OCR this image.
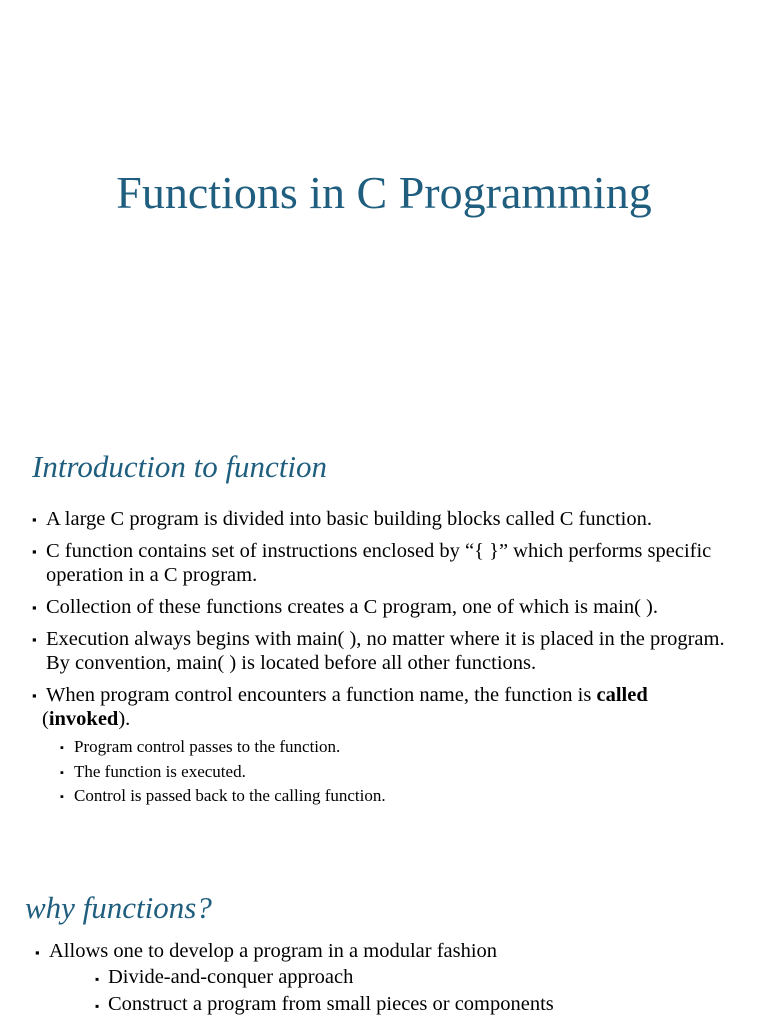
Functions in C Programming
Introduction to function
▪ A large C program is divided into basic building blocks called C function.
▪ C function contains set of instructions enclosed by “{ }” which performs specific operation in a C program.
▪ Collection of these functions creates a C program, one of which is main( ).
▪ Execution always begins with main( ), no matter where it is placed in the program. By convention, main( ) is located before all other functions.
▪ When program control encounters a function name, the function is called
(invoked).
▪ Program control passes to the function.
▪ The function is executed.
▪ Control is passed back to the calling function.
why functions?
▪ Allows one to develop a program in a modular fashion
▪ Divide-and-conquer approach
▪ Construct a program from small pieces or components
